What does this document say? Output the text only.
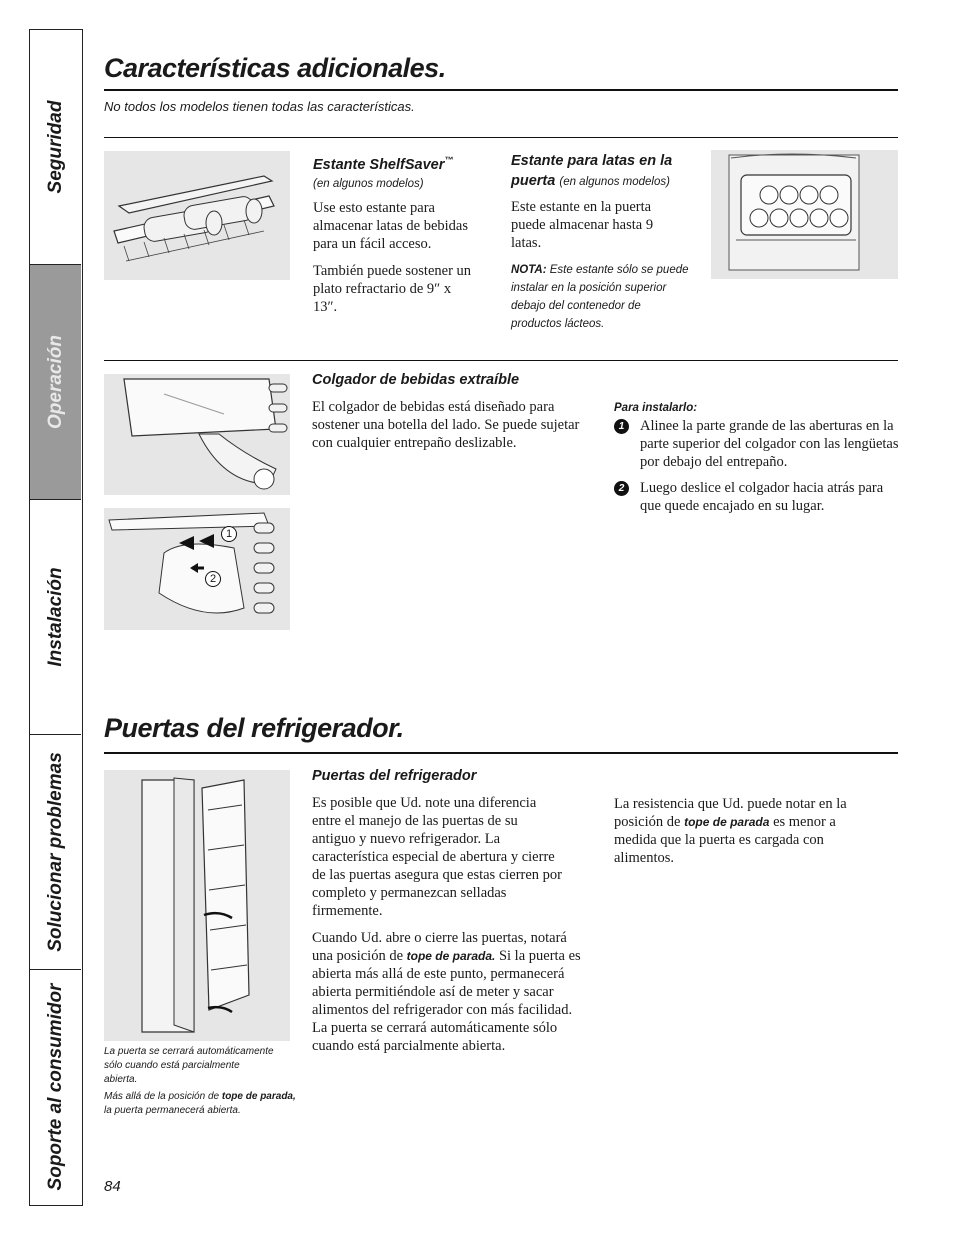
Seguridad
Operación
Instalación
Solucionar problemas
Soporte al consumidor
Características adicionales.
No todos los modelos tienen todas las características.
Estante ShelfSaver™
(en algunos modelos)
Use esto estante para almacenar latas de bebidas para un fácil acceso.
También puede sostener un plato refractario de 9″ x 13″.
Estante para latas en la
puerta (en algunos modelos)
Este estante en la puerta puede almacenar hasta 9 latas.
NOTA: Este estante sólo se puede instalar en la posición superior debajo del contenedor de productos lácteos.
1
2
Colgador de bebidas extraíble
El colgador de bebidas está diseñado para sostener una botella del lado. Se puede sujetar con cualquier entrepaño deslizable.
Para instalarlo:
1	Alinee la parte grande de las aberturas en la parte superior del colgador con las lengüetas por debajo del entrepaño.
2	Luego deslice el colgador hacia atrás para que quede encajado en su lugar.
Puertas del refrigerador.
La puerta se cerrará automáticamente sólo cuando está parcialmente abierta.
Más allá de la posición de tope de parada, la puerta permanecerá abierta.
Puertas del refrigerador
Es posible que Ud. note una diferencia entre el manejo de las puertas de su antiguo y nuevo refrigerador. La característica especial de abertura y cierre de las puertas asegura que estas cierren por completo y permanezcan selladas firmemente.
Cuando Ud. abre o cierre las puertas, notará una posición de tope de parada. Si la puerta es abierta más allá de este punto, permanecerá abierta permitiéndole así de meter y sacar alimentos del refrigerador con más facilidad. La puerta se cerrará automáticamente sólo cuando está parcialmente abierta.
La resistencia que Ud. puede notar en la posición de tope de parada es menor a medida que la puerta es cargada con alimentos.
84
